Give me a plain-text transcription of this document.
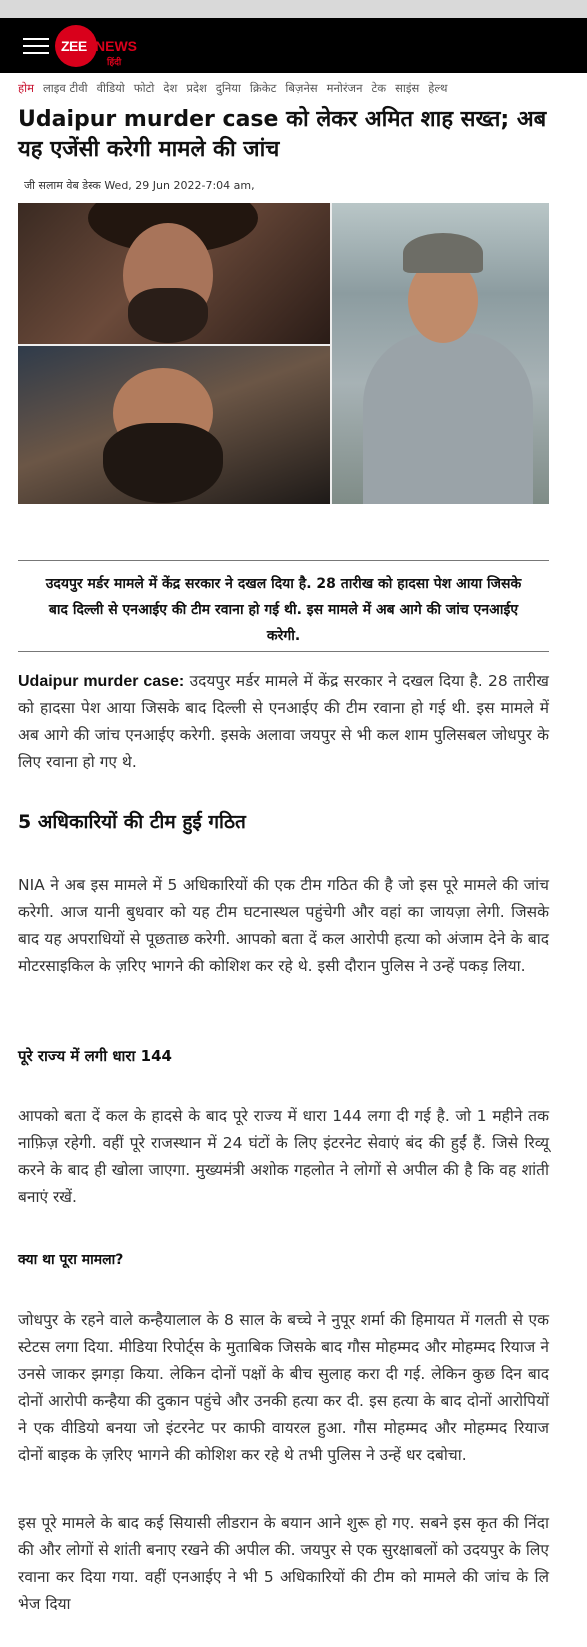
ZEE NEWS
हिंदी
होम लाइव टीवी वीडियो फोटो देश प्रदेश दुनिया क्रिकेट बिज़नेस मनोरंजन टेक साइंस हेल्थ
Udaipur murder case को लेकर अमित शाह सख्त; अब यह एजेंसी करेगी मामले की जांच
जी सलाम वेब डेस्क Wed, 29 Jun 2022-7:04 am,
उदयपुर मर्डर मामले में केंद्र सरकार ने दखल दिया है. 28 तारीख को हादसा पेश आया जिसके बाद दिल्ली से एनआईए की टीम रवाना हो गई थी. इस मामले में अब आगे की जांच एनआईए करेगी.

Udaipur murder case: उदयपुर मर्डर मामले में केंद्र सरकार ने दखल दिया है. 28 तारीख को हादसा पेश आया जिसके बाद दिल्ली से एनआईए की टीम रवाना हो गई थी. इस मामले में अब आगे की जांच एनआईए करेगी. इसके अलावा जयपुर से भी कल शाम पुलिसबल जोधपुर के लिए रवाना हो गए थे.

5 अधिकारियों की टीम हुई गठित

NIA ने अब इस मामले में 5 अधिकारियों की एक टीम गठित की है जो इस पूरे मामले की जांच करेगी. आज यानी बुधवार को यह टीम घटनास्थल पहुंचेगी और वहां का जायज़ा लेगी. जिसके बाद यह अपराधियों से पूछताछ करेगी. आपको बता दें कल आरोपी हत्या को अंजाम देने के बाद मोटरसाइकिल के ज़रिए भागने की कोशिश कर रहे थे. इसी दौरान पुलिस ने उन्हें पकड़ लिया.

पूरे राज्य में लगी धारा 144

आपको बता दें कल के हादसे के बाद पूरे राज्य में धारा 144 लगा दी गई है. जो 1 महीने तक नाफ़िज़ रहेगी. वहीं पूरे राजस्थान में 24 घंटों के लिए इंटरनेट सेवाएं बंद की हुईं हैं. जिसे रिव्यू करने के बाद ही खोला जाएगा. मुख्यमंत्री अशोक गहलोत ने लोगों से अपील की है कि वह शांती बनाएं रखें.

क्या था पूरा मामला?

जोधपुर के रहने वाले कन्हैयालाल के 8 साल के बच्चे ने नुपूर शर्मा की हिमायत में गलती से एक स्टेटस लगा दिया. मीडिया रिपोर्ट्स के मुताबिक जिसके बाद गौस मोहम्मद और मोहम्मद रियाज ने उनसे जाकर झगड़ा किया. लेकिन दोनों पक्षों के बीच सुलाह करा दी गई. लेकिन कुछ दिन बाद दोनों आरोपी कन्हैया की दुकान पहुंचे और उनकी हत्या कर दी. इस हत्या के बाद दोनों आरोपियों ने एक वीडियो बनया जो इंटरनेट पर काफी वायरल हुआ. गौस मोहम्मद और मोहम्मद रियाज दोनों बाइक के ज़रिए भागने की कोशिश कर रहे थे तभी पुलिस ने उन्हें धर दबोचा.

इस पूरे मामले के बाद कई सियासी लीडरान के बयान आने शुरू हो गए. सबने इस कृत की निंदा की और लोगों से शांती बनाए रखने की अपील की. जयपुर से एक सुरक्षाबलों को उदयपुर के लिए रवाना कर दिया गया. वहीं एनआईए ने भी 5 अधिकारियों की टीम को मामले की जांच के लि भेज दिया
